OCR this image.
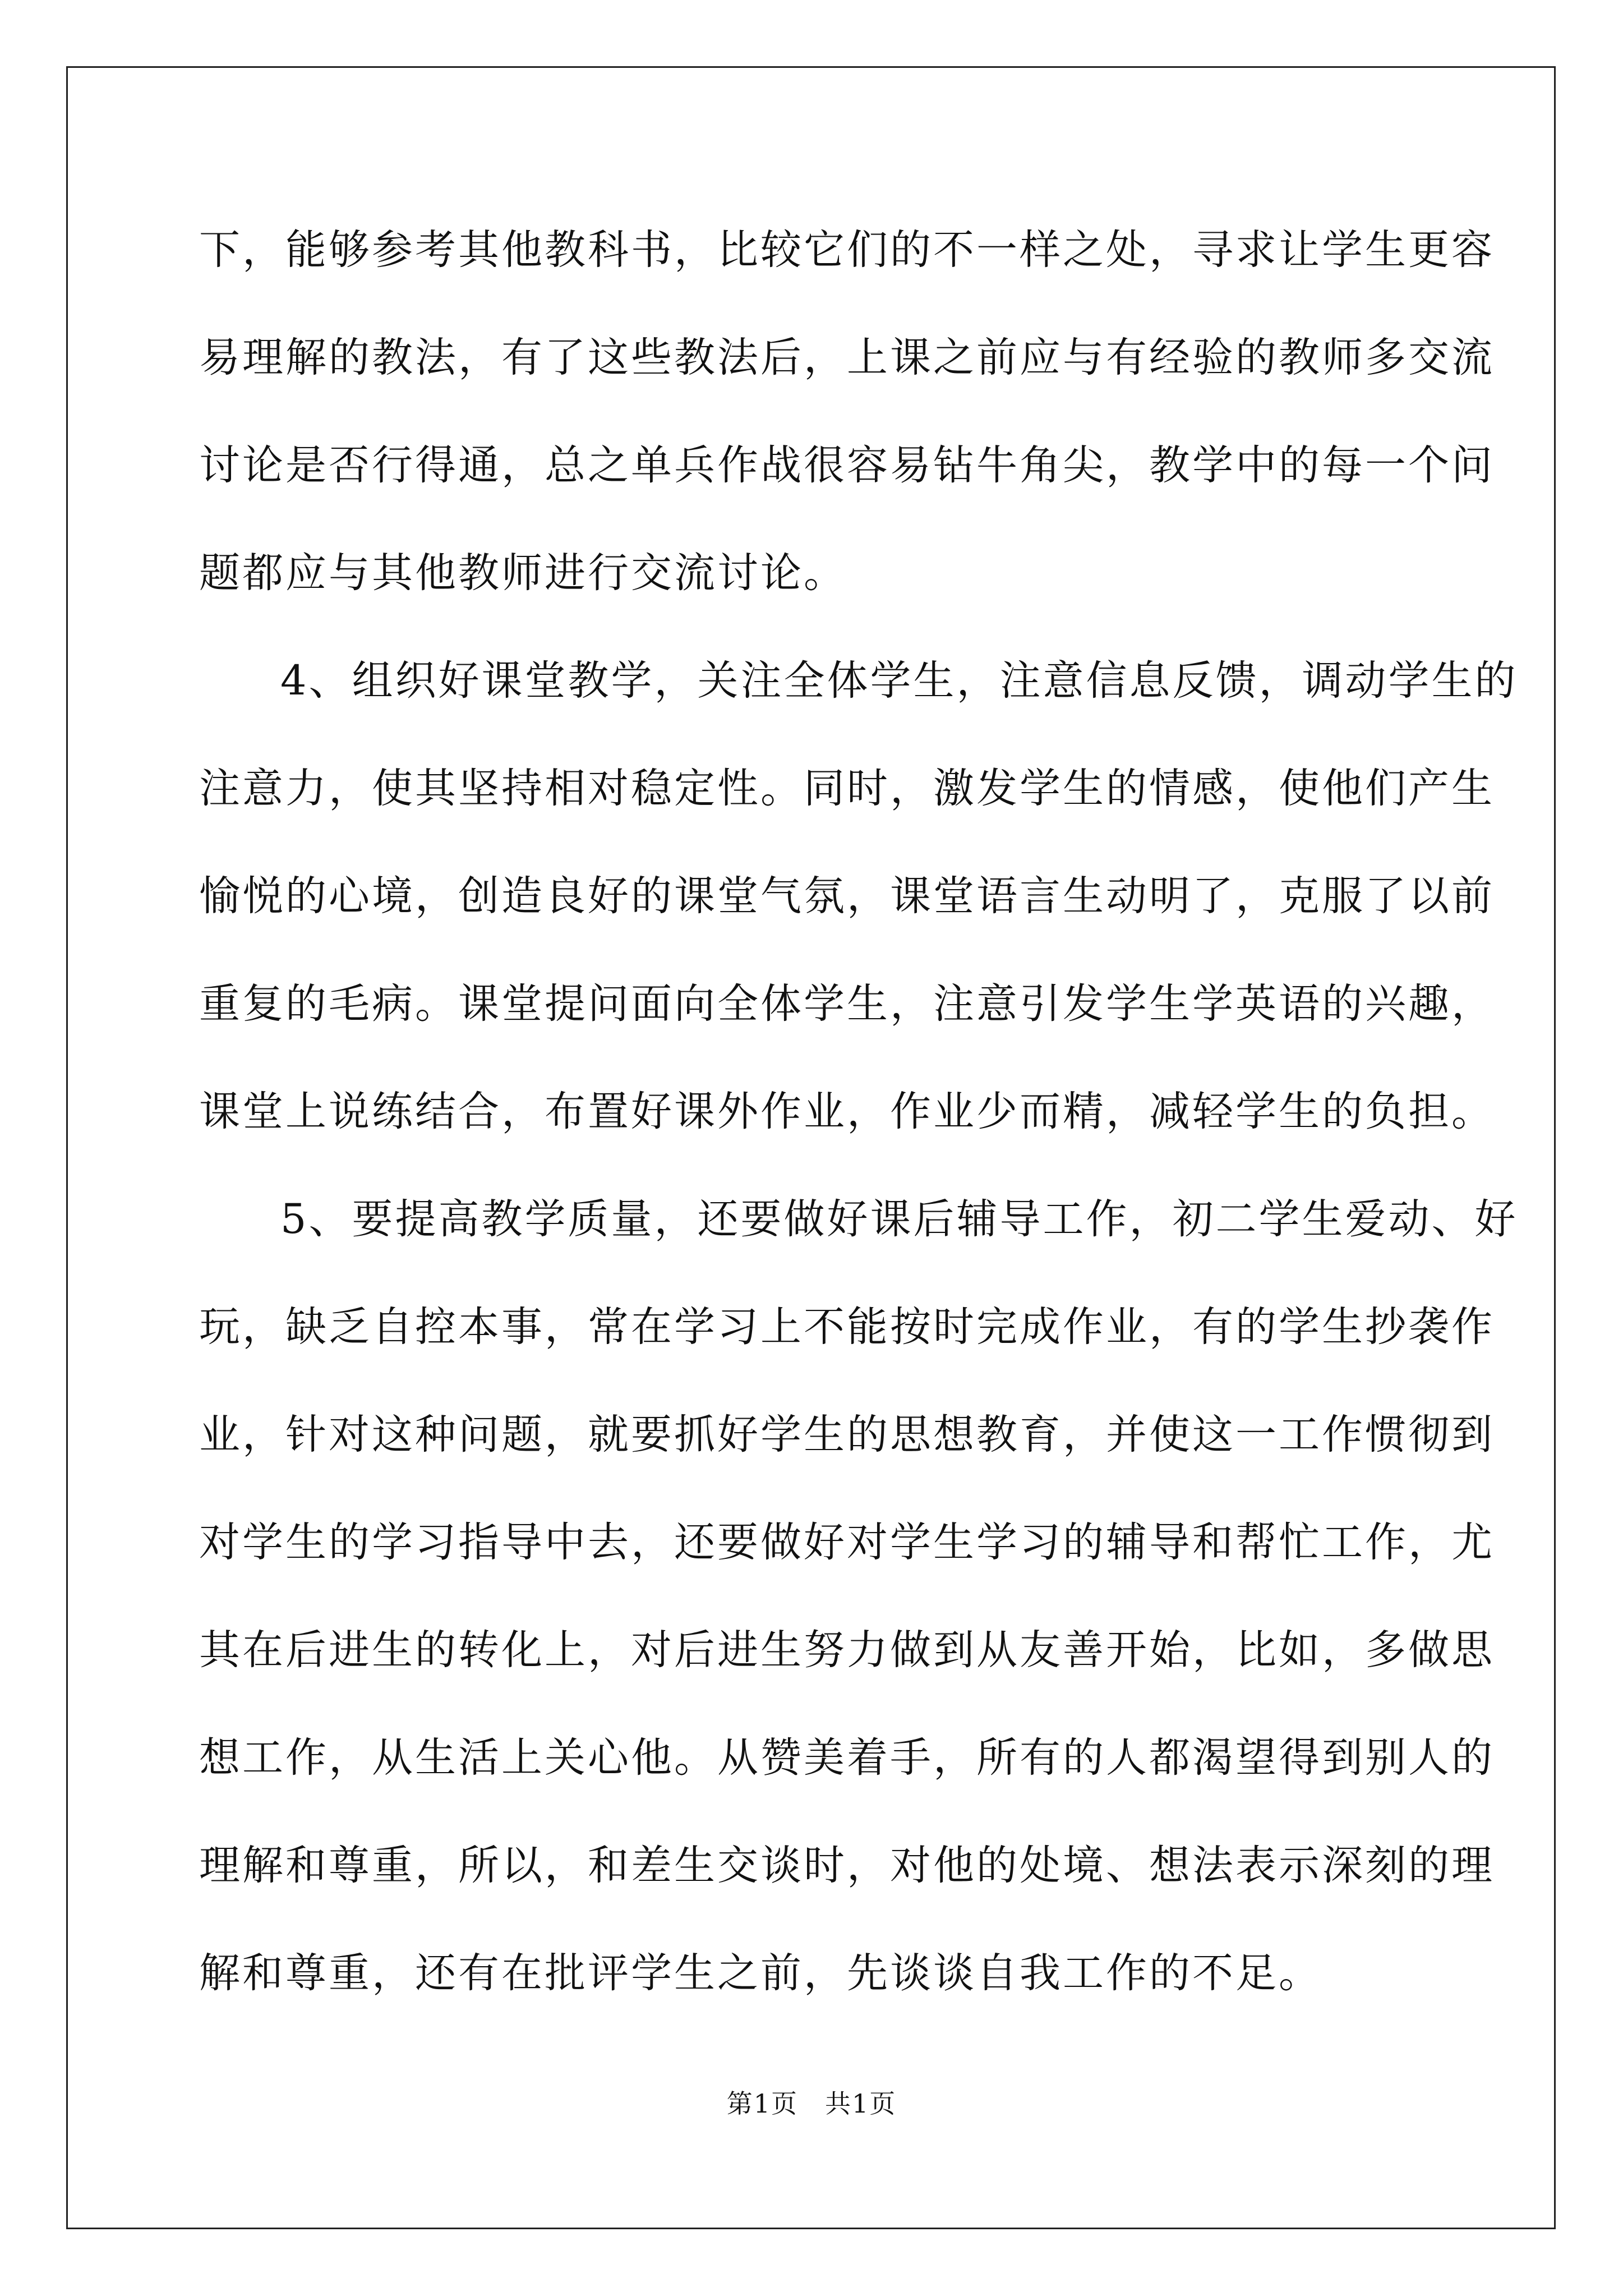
下，能够参考其他教科书，比较它们的不一样之处，寻求让学生更容
易理解的教法，有了这些教法后，上课之前应与有经验的教师多交流
讨论是否行得通，总之单兵作战很容易钻牛角尖，教学中的每一个问
题都应与其他教师进行交流讨论。
4、组织好课堂教学，关注全体学生，注意信息反馈，调动学生的
注意力，使其坚持相对稳定性。同时，激发学生的情感，使他们产生
愉悦的心境，创造良好的课堂气氛，课堂语言生动明了，克服了以前
重复的毛病。课堂提问面向全体学生，注意引发学生学英语的兴趣，
课堂上说练结合，布置好课外作业，作业少而精，减轻学生的负担。
5、要提高教学质量，还要做好课后辅导工作，初二学生爱动、好
玩，缺乏自控本事，常在学习上不能按时完成作业，有的学生抄袭作
业，针对这种问题，就要抓好学生的思想教育，并使这一工作惯彻到
对学生的学习指导中去，还要做好对学生学习的辅导和帮忙工作，尤
其在后进生的转化上，对后进生努力做到从友善开始，比如，多做思
想工作，从生活上关心他。从赞美着手，所有的人都渴望得到别人的
理解和尊重，所以，和差生交谈时，对他的处境、想法表示深刻的理
解和尊重，还有在批评学生之前，先谈谈自我工作的不足。
第1页　共1页
